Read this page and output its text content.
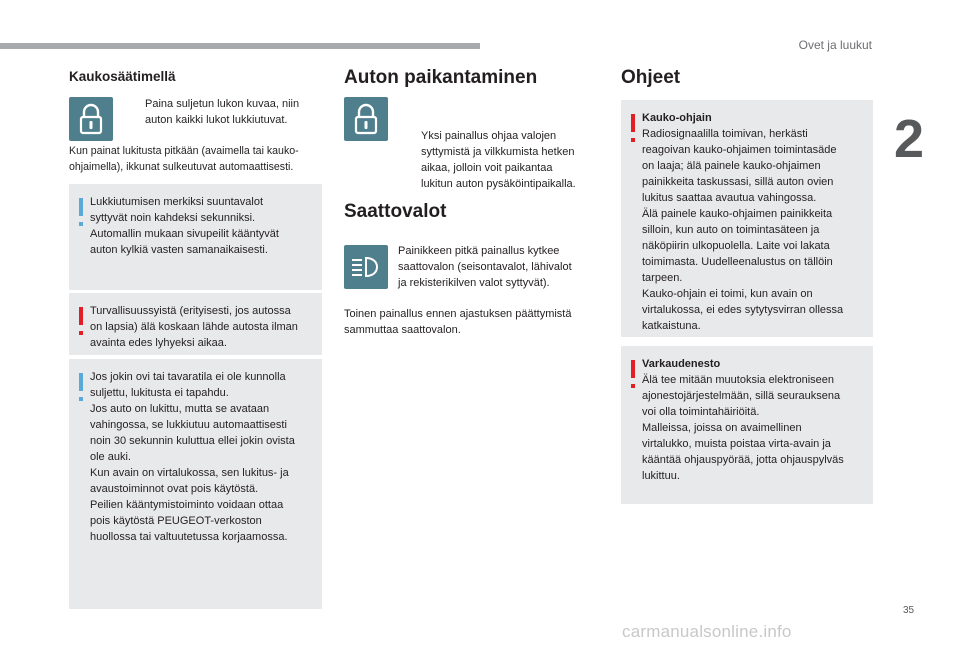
Ovet ja luukut
2
35
Kaukosäätimellä
Paina suljetun lukon kuvaa, niin
auton kaikki lukot lukkiutuvat.
Kun painat lukitusta pitkään (avaimella tai kauko-
ohjaimella), ikkunat sulkeutuvat automaattisesti.
Lukkiutumisen merkiksi suuntavalot
syttyvät noin kahdeksi sekunniksi.
Automallin mukaan sivupeilit kääntyvät
auton kylkiä vasten samanaikaisesti.
Turvallisuussyistä (erityisesti, jos autossa
on lapsia) älä koskaan lähde autosta ilman
avainta edes lyhyeksi aikaa.
Jos jokin ovi tai tavaratila ei ole kunnolla
suljettu, lukitusta ei tapahdu.
Jos auto on lukittu, mutta se avataan
vahingossa, se lukkiutuu automaattisesti
noin 30 sekunnin kuluttua ellei jokin ovista
ole auki.
Kun avain on virtalukossa, sen lukitus- ja
avaustoiminnot ovat pois käytöstä.
Peilien kääntymistoiminto voidaan ottaa
pois käytöstä PEUGEOT-verkoston
huollossa tai valtuutetussa korjaamossa.
Auton paikantaminen
Yksi painallus ohjaa valojen
syttymistä ja vilkkumista hetken
aikaa, jolloin voit paikantaa
lukitun auton pysäköintipaikalla.
Saattovalot
Painikkeen pitkä painallus kytkee
saattovalon (seisontavalot, lähivalot
ja rekisterikilven valot syttyvät).
Toinen painallus ennen ajastuksen päättymistä
sammuttaa saattovalon.
Ohjeet
Kauko-ohjain
Radiosignaalilla toimivan, herkästi
reagoivan kauko-ohjaimen toimintasäde
on laaja; älä painele kauko-ohjaimen
painikkeita taskussasi, sillä auton ovien
lukitus saattaa avautua vahingossa.
Älä painele kauko-ohjaimen painikkeita
silloin, kun auto on toimintasäteen ja
näköpiirin ulkopuolella. Laite voi lakata
toimimasta. Uudelleenalustus on tällöin
tarpeen.
Kauko-ohjain ei toimi, kun avain on
virtalukossa, ei edes sytytysvirran ollessa
katkaistuna.
Varkaudenesto
Älä tee mitään muutoksia elektroniseen
ajonestojärjestelmään, sillä seurauksena
voi olla toimintahäiriöitä.
Malleissa, joissa on avaimellinen
virtalukko, muista poistaa virta-avain ja
kääntää ohjauspyörää, jotta ohjauspylväs
lukittuu.
carmanualsonline.info
